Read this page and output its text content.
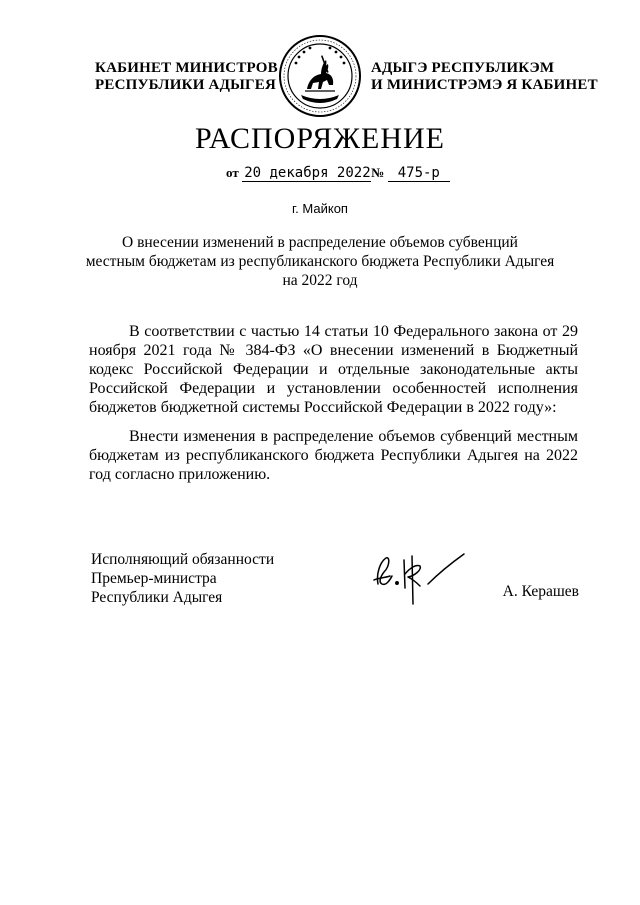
КАБИНЕТ МИНИСТРОВ
РЕСПУБЛИКИ АДЫГЕЯ
АДЫГЭ РЕСПУБЛИКЭМ
И МИНИСТРЭМЭ Я КАБИНЕТ
РАСПОРЯЖЕНИЕ
от 20 декабря 2022№ 475-р
г. Майкоп
О внесении изменений в распределение объемов субвенций
местным бюджетам из республиканского бюджета Республики Адыгея
на 2022 год
В соответствии с частью 14 статьи 10 Федерального закона от 29 ноября 2021 года № 384-ФЗ «О внесении изменений в Бюджетный кодекс Российской Федерации и отдельные законодательные акты Российской Федерации и установлении особенностей исполнения бюджетов бюджетной системы Российской Федерации в 2022 году»:
Внести изменения в распределение объемов субвенций местным бюджетам из республиканского бюджета Республики Адыгея на 2022 год согласно приложению.
Исполняющий обязанности
Премьер-министра
Республики Адыгея	А. Керашев
